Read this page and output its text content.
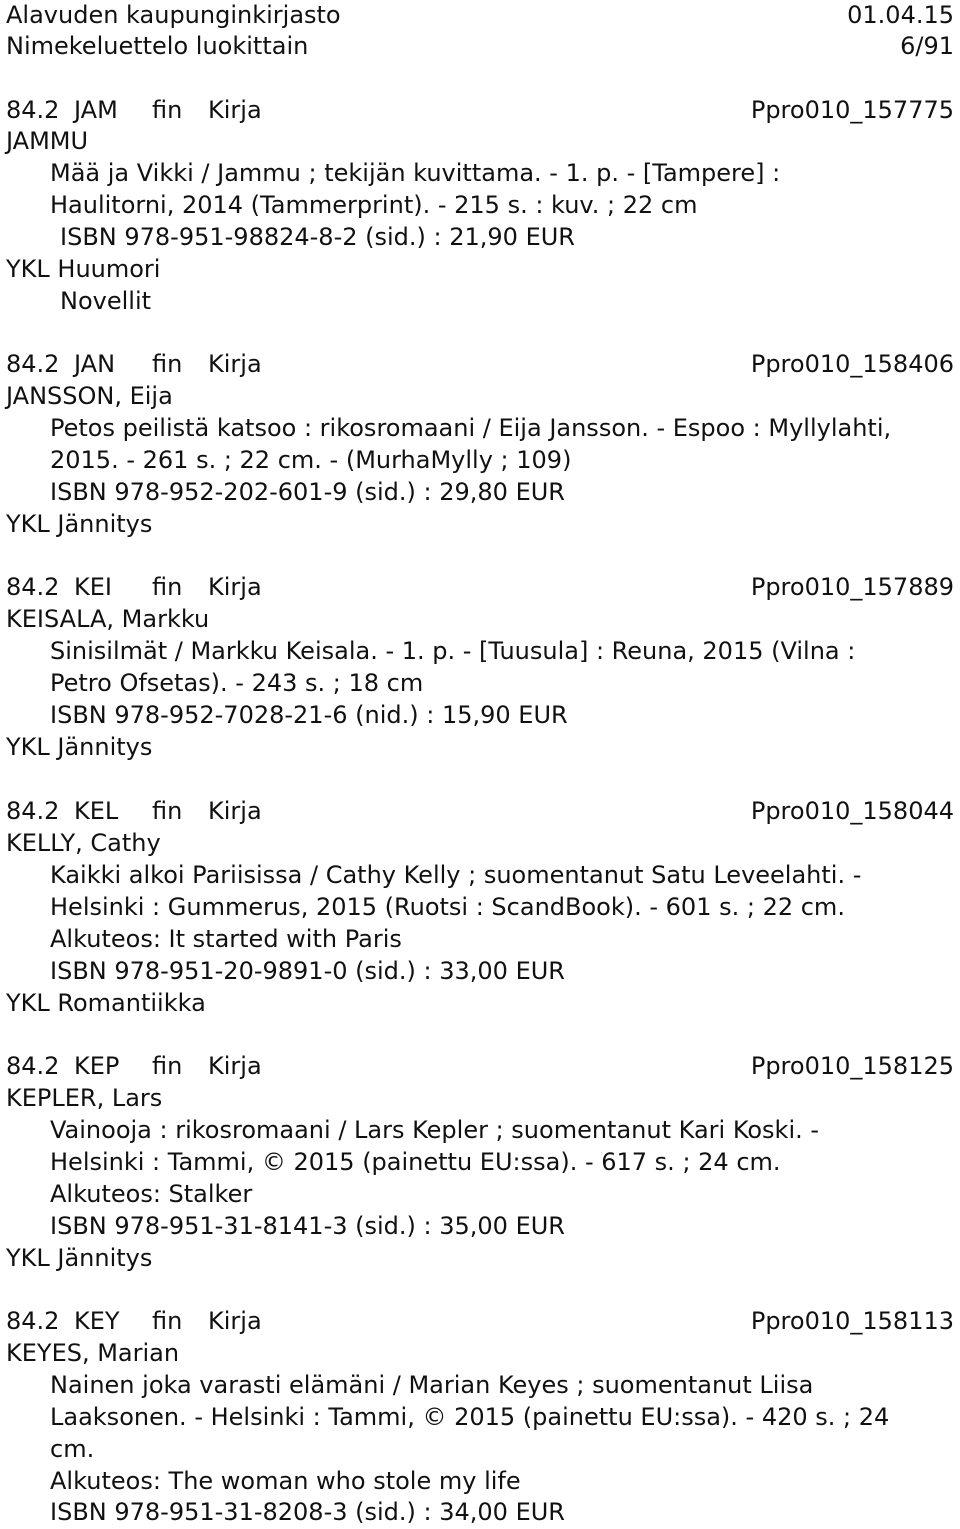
Alavuden kaupunginkirjasto	01.04.15
Nimekeluettelo luokittain	6/91
84.2 JAM fin Kirja	Ppro010_157775
JAMMU
Mää ja Vikki / Jammu ; tekijän kuvittama. - 1. p. - [Tampere] :
Haulitorni, 2014 (Tammerprint). - 215 s. : kuv. ; 22 cm
ISBN 978-951-98824-8-2 (sid.) : 21,90 EUR
YKL Huumori
Novellit
84.2 JAN fin Kirja	Ppro010_158406
JANSSON, Eija
Petos peilistä katsoo : rikosromaani / Eija Jansson. - Espoo : Myllylahti,
2015. - 261 s. ; 22 cm. - (MurhaMylly ; 109)
ISBN 978-952-202-601-9 (sid.) : 29,80 EUR
YKL Jännitys
84.2 KEI fin Kirja	Ppro010_157889
KEISALA, Markku
Sinisilmät / Markku Keisala. - 1. p. - [Tuusula] : Reuna, 2015 (Vilna :
Petro Ofsetas). - 243 s. ; 18 cm
ISBN 978-952-7028-21-6 (nid.) : 15,90 EUR
YKL Jännitys
84.2 KEL fin Kirja	Ppro010_158044
KELLY, Cathy
Kaikki alkoi Pariisissa / Cathy Kelly ; suomentanut Satu Leveelahti. -
Helsinki : Gummerus, 2015 (Ruotsi : ScandBook). - 601 s. ; 22 cm.
Alkuteos: It started with Paris
ISBN 978-951-20-9891-0 (sid.) : 33,00 EUR
YKL Romantiikka
84.2 KEP fin Kirja	Ppro010_158125
KEPLER, Lars
Vainooja : rikosromaani / Lars Kepler ; suomentanut Kari Koski. -
Helsinki : Tammi, © 2015 (painettu EU:ssa). - 617 s. ; 24 cm.
Alkuteos: Stalker
ISBN 978-951-31-8141-3 (sid.) : 35,00 EUR
YKL Jännitys
84.2 KEY fin Kirja	Ppro010_158113
KEYES, Marian
Nainen joka varasti elämäni / Marian Keyes ; suomentanut Liisa
Laaksonen. - Helsinki : Tammi, © 2015 (painettu EU:ssa). - 420 s. ; 24
cm.
Alkuteos: The woman who stole my life
ISBN 978-951-31-8208-3 (sid.) : 34,00 EUR
